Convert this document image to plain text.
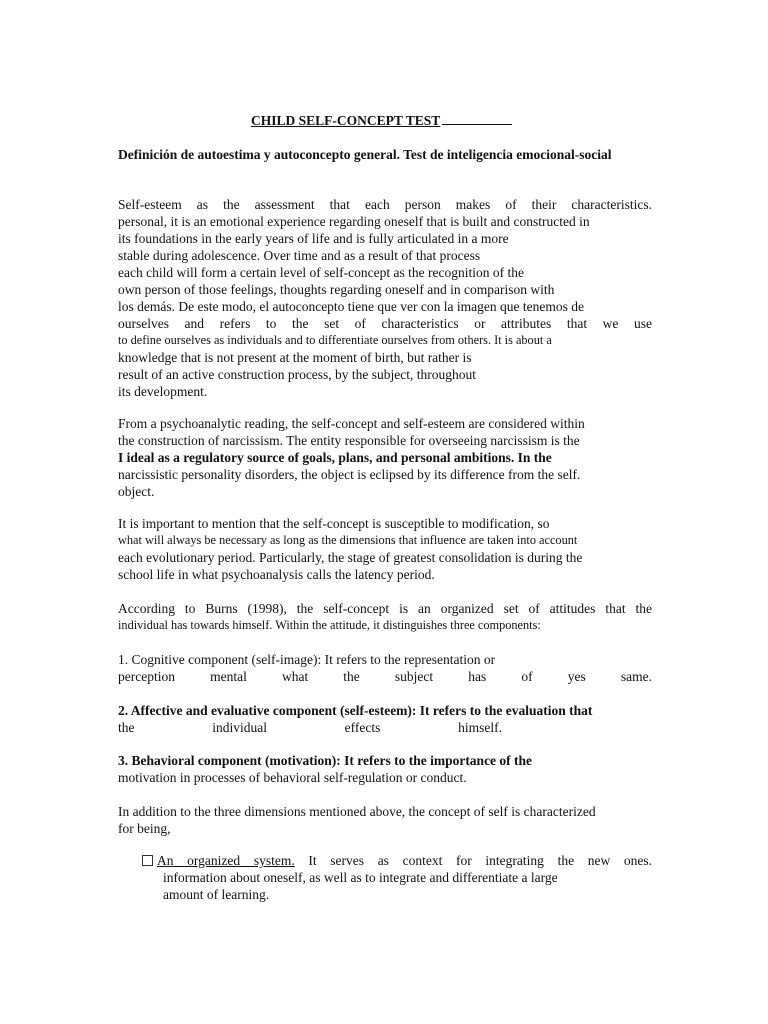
CHILD SELF-CONCEPT TEST
Definición de autoestima y autoconcepto general. Test de inteligencia emocional-social
Self-esteem as the assessment that each person makes of their characteristics.
personal, it is an emotional experience regarding oneself that is built and constructed in
its foundations in the early years of life and is fully articulated in a more
stable during adolescence. Over time and as a result of that process
each child will form a certain level of self-concept as the recognition of the
own person of those feelings, thoughts regarding oneself and in comparison with
los demás. De este modo, el autoconcepto tiene que ver con la imagen que tenemos de
ourselves and refers to the set of characteristics or attributes that we use
to define ourselves as individuals and to differentiate ourselves from others. It is about a
knowledge that is not present at the moment of birth, but rather is
result of an active construction process, by the subject, throughout
its development.
From a psychoanalytic reading, the self-concept and self-esteem are considered within
the construction of narcissism. The entity responsible for overseeing narcissism is the
I ideal as a regulatory source of goals, plans, and personal ambitions. In the
narcissistic personality disorders, the object is eclipsed by its difference from the self.
object.
It is important to mention that the self-concept is susceptible to modification, so
what will always be necessary as long as the dimensions that influence are taken into account
each evolutionary period. Particularly, the stage of greatest consolidation is during the
school life in what psychoanalysis calls the latency period.
According to Burns (1998), the self-concept is an organized set of attitudes that the
individual has towards himself. Within the attitude, it distinguishes three components:
1. Cognitive component (self-image): It refers to the representation or
perception mental what the subject has of yes same.
2. Affective and evaluative component (self-esteem): It refers to the evaluation that
the individual effects himself.
3. Behavioral component (motivation): It refers to the importance of the
motivation in processes of behavioral self-regulation or conduct.
In addition to the three dimensions mentioned above, the concept of self is characterized
for being,
An organized system. It serves as context for integrating the new ones.
information about oneself, as well as to integrate and differentiate a large
amount of learning.
